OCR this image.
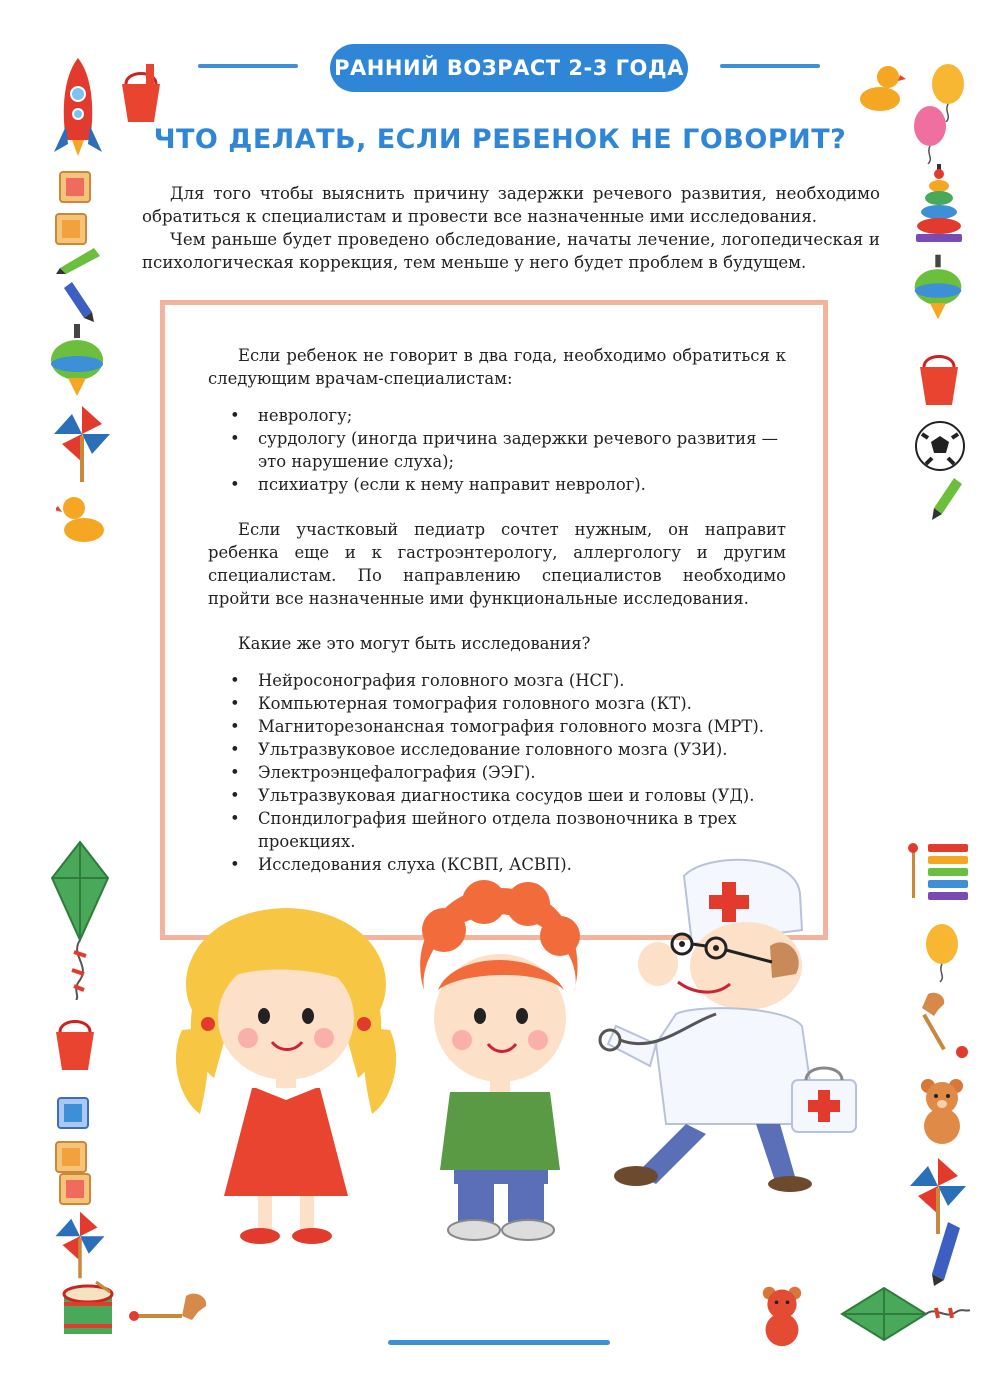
РАННИЙ ВОЗРАСТ 2-3 ГОДА
ЧТО ДЕЛАТЬ, ЕСЛИ РЕБЕНОК НЕ ГОВОРИТ?

Для того чтобы выяснить причину задержки речевого развития, необходимо обратиться к специалистам и провести все назначенные ими исследования.

Чем раньше будет проведено обследование, начаты лечение, логопедическая и психологическая коррекция, тем меньше у него будет проблем в будущем.

Если ребенок не говорит в два года, необходимо обратиться к следующим врачам-специалистам:

• неврологу;
• сурдологу (иногда причина задержки речевого развития — это нарушение слуха);
• психиатру (если к нему направит невролог).

Если участковый педиатр сочтет нужным, он направит ребенка еще и к гастроэнтерологу, аллергологу и другим специалистам. По направлению специалистов необходимо пройти все назначенные ими функциональные исследования.

Какие же это могут быть исследования?

• Нейросонография головного мозга (НСГ).
• Компьютерная томография головного мозга (КТ).
• Магниторезонансная томография головного мозга (МРТ).
• Ультразвуковое исследование головного мозга (УЗИ).
• Электроэнцефалография (ЭЭГ).
• Ультразвуковая диагностика сосудов шеи и головы (УД).
• Спондилография шейного отдела позвоночника в трех проекциях.
• Исследования слуха (КСВП, АСВП).
